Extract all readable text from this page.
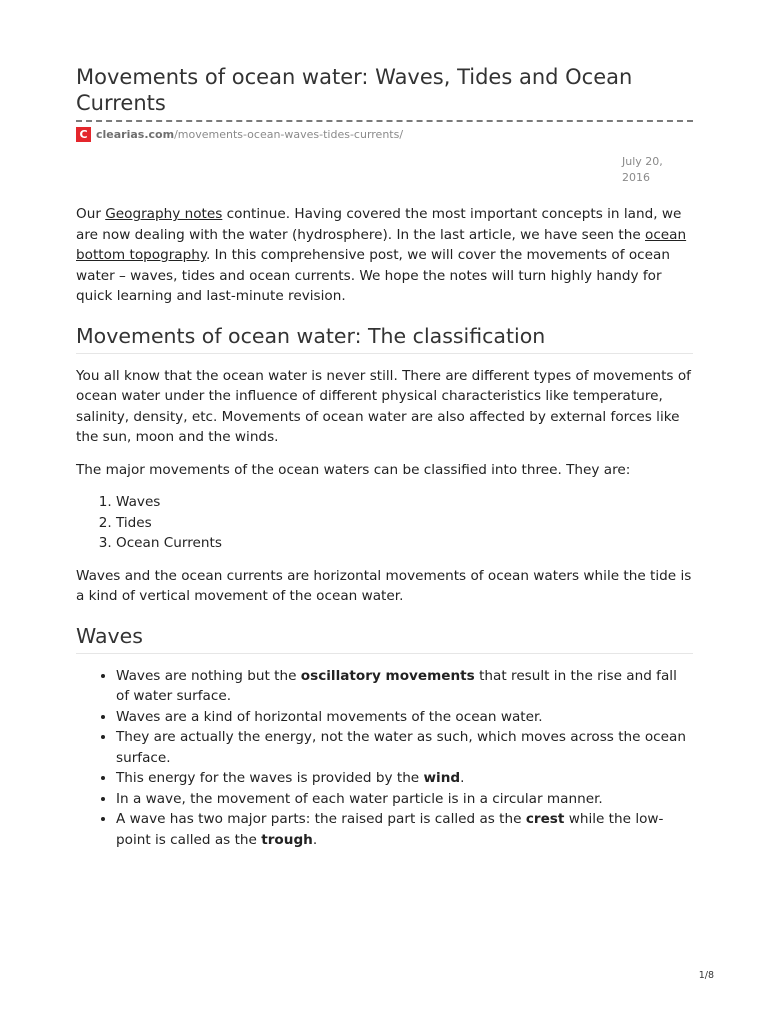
Movements of ocean water: Waves, Tides and Ocean Currents
C clearias.com /movements-ocean-waves-tides-currents/
July 20, 2016

Our Geography notes continue. Having covered the most important concepts in land, we are now dealing with the water (hydrosphere). In the last article, we have seen the ocean bottom topography. In this comprehensive post, we will cover the movements of ocean water – waves, tides and ocean currents. We hope the notes will turn highly handy for quick learning and last-minute revision.

Movements of ocean water: The classification

You all know that the ocean water is never still. There are different types of movements of ocean water under the influence of different physical characteristics like temperature, salinity, density, etc. Movements of ocean water are also affected by external forces like the sun, moon and the winds.

The major movements of the ocean waters can be classified into three. They are:

1. Waves
2. Tides
3. Ocean Currents

Waves and the ocean currents are horizontal movements of ocean waters while the tide is a kind of vertical movement of the ocean water.

Waves
• Waves are nothing but the oscillatory movements that result in the rise and fall of water surface.
• Waves are a kind of horizontal movements of the ocean water.
• They are actually the energy, not the water as such, which moves across the ocean surface.
• This energy for the waves is provided by the wind.
• In a wave, the movement of each water particle is in a circular manner.
• A wave has two major parts: the raised part is called as the crest while the low-point is called as the trough.
1/8
